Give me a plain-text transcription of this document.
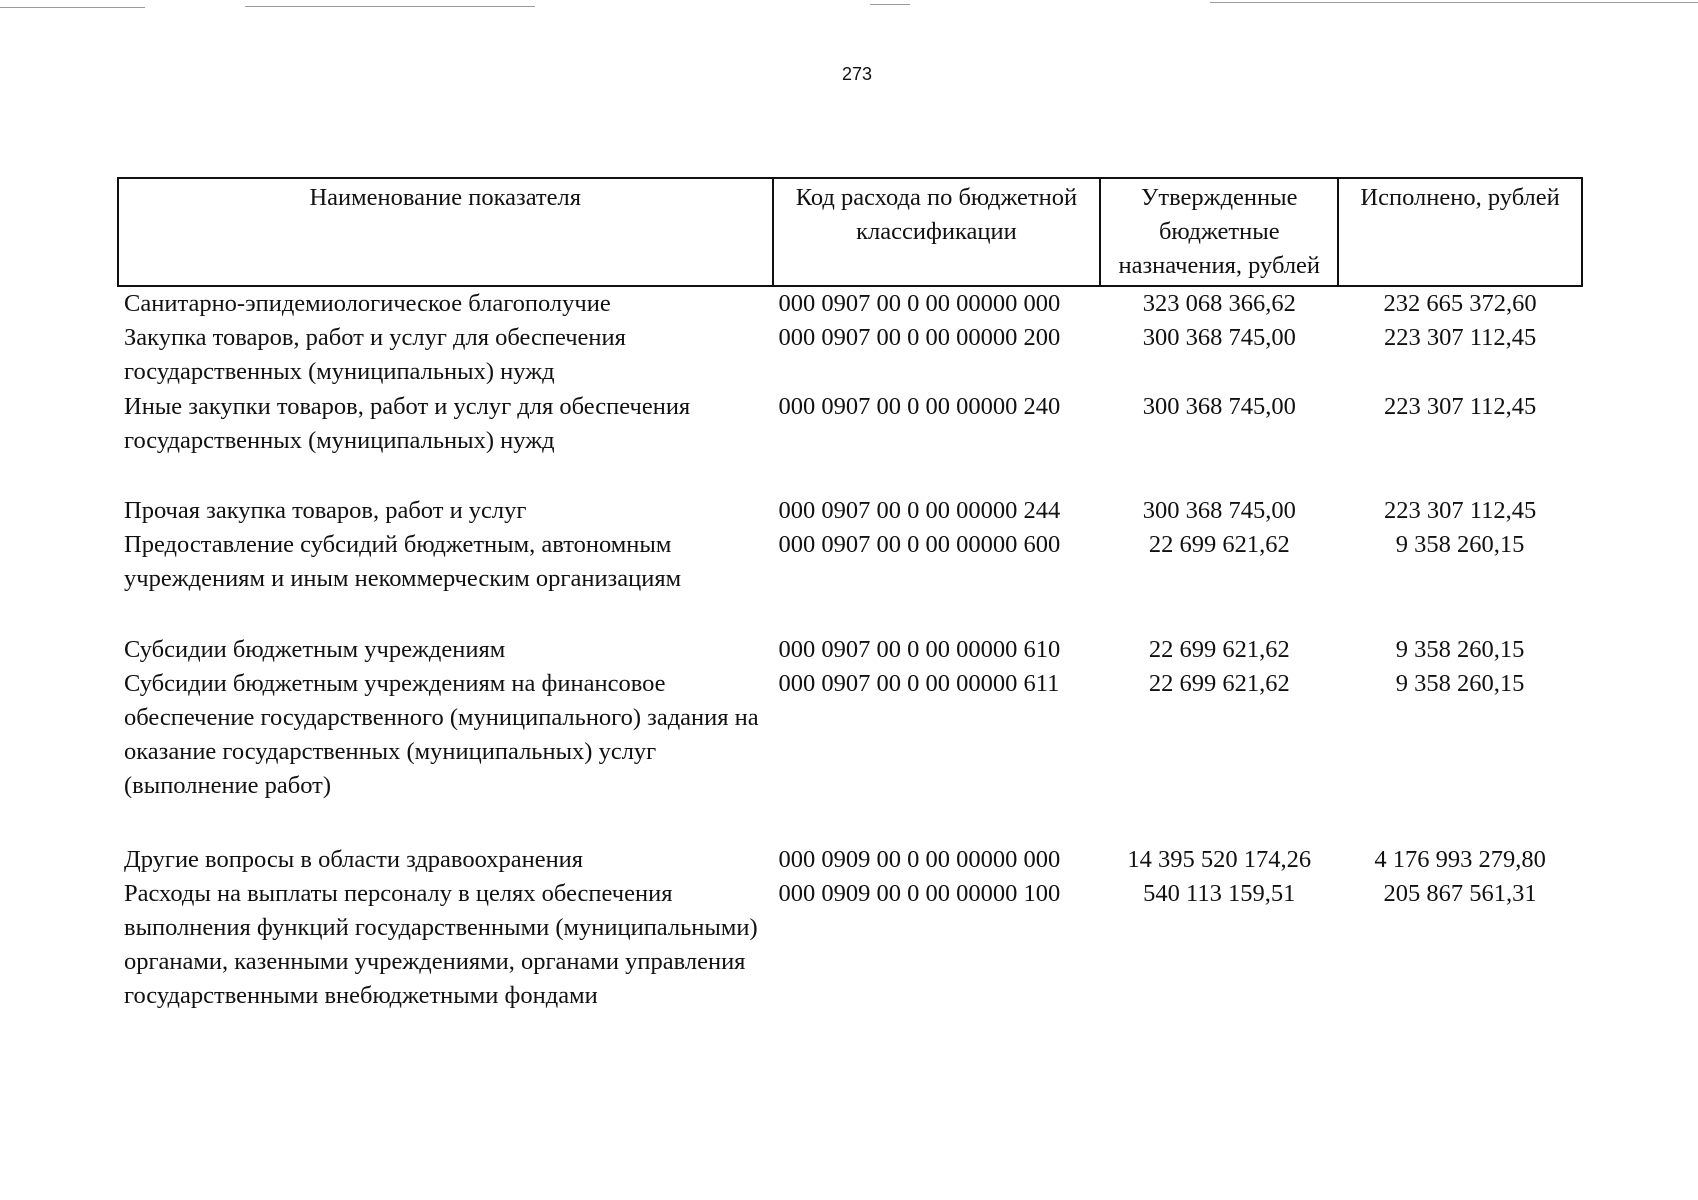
273
Наименование показателя	Код расхода по бюджетной классификации	Утвержденные бюджетные назначения, рублей	Исполнено, рублей
Санитарно-эпидемиологическое благополучие	000 0907 00 0 00 00000 000	323 068 366,62	232 665 372,60
Закупка товаров, работ и услуг для обеспечения государственных (муниципальных) нужд	000 0907 00 0 00 00000 200	300 368 745,00	223 307 112,45
Иные закупки товаров, работ и услуг для обеспечения государственных (муниципальных) нужд	000 0907 00 0 00 00000 240	300 368 745,00	223 307 112,45
Прочая закупка товаров, работ и услуг	000 0907 00 0 00 00000 244	300 368 745,00	223 307 112,45
Предоставление субсидий бюджетным, автономным учреждениям и иным некоммерческим организациям	000 0907 00 0 00 00000 600	22 699 621,62	9 358 260,15
Субсидии бюджетным учреждениям	000 0907 00 0 00 00000 610	22 699 621,62	9 358 260,15
Субсидии бюджетным учреждениям на финансовое обеспечение государственного (муниципального) задания на оказание государственных (муниципальных) услуг (выполнение работ)	000 0907 00 0 00 00000 611	22 699 621,62	9 358 260,15
Другие вопросы в области здравоохранения	000 0909 00 0 00 00000 000	14 395 520 174,26	4 176 993 279,80
Расходы на выплаты персоналу в целях обеспечения выполнения функций государственными (муниципальными) органами, казенными учреждениями, органами управления государственными внебюджетными фондами	000 0909 00 0 00 00000 100	540 113 159,51	205 867 561,31
